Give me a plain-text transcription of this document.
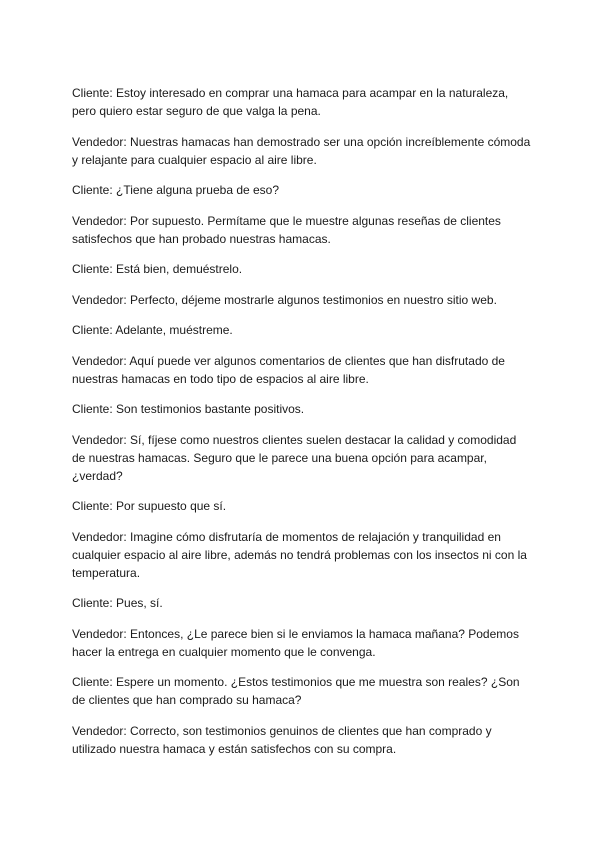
Cliente: Estoy interesado en comprar una hamaca para acampar en la naturaleza, pero quiero estar seguro de que valga la pena.

Vendedor: Nuestras hamacas han demostrado ser una opción increíblemente cómoda y relajante para cualquier espacio al aire libre.

Cliente: ¿Tiene alguna prueba de eso?

Vendedor: Por supuesto. Permítame que le muestre algunas reseñas de clientes satisfechos que han probado nuestras hamacas.

Cliente: Está bien, demuéstrelo.

Vendedor: Perfecto, déjeme mostrarle algunos testimonios en nuestro sitio web.

Cliente: Adelante, muéstreme.

Vendedor: Aquí puede ver algunos comentarios de clientes que han disfrutado de nuestras hamacas en todo tipo de espacios al aire libre.

Cliente: Son testimonios bastante positivos.

Vendedor: Sí, fíjese como nuestros clientes suelen destacar la calidad y comodidad de nuestras hamacas. Seguro que le parece una buena opción para acampar, ¿verdad?

Cliente: Por supuesto que sí.

Vendedor: Imagine cómo disfrutaría de momentos de relajación y tranquilidad en cualquier espacio al aire libre, además no tendrá problemas con los insectos ni con la temperatura.

Cliente: Pues, sí.

Vendedor: Entonces, ¿Le parece bien si le enviamos la hamaca mañana? Podemos hacer la entrega en cualquier momento que le convenga.

Cliente: Espere un momento. ¿Estos testimonios que me muestra son reales? ¿Son de clientes que han comprado su hamaca?

Vendedor: Correcto, son testimonios genuinos de clientes que han comprado y utilizado nuestra hamaca y están satisfechos con su compra.
